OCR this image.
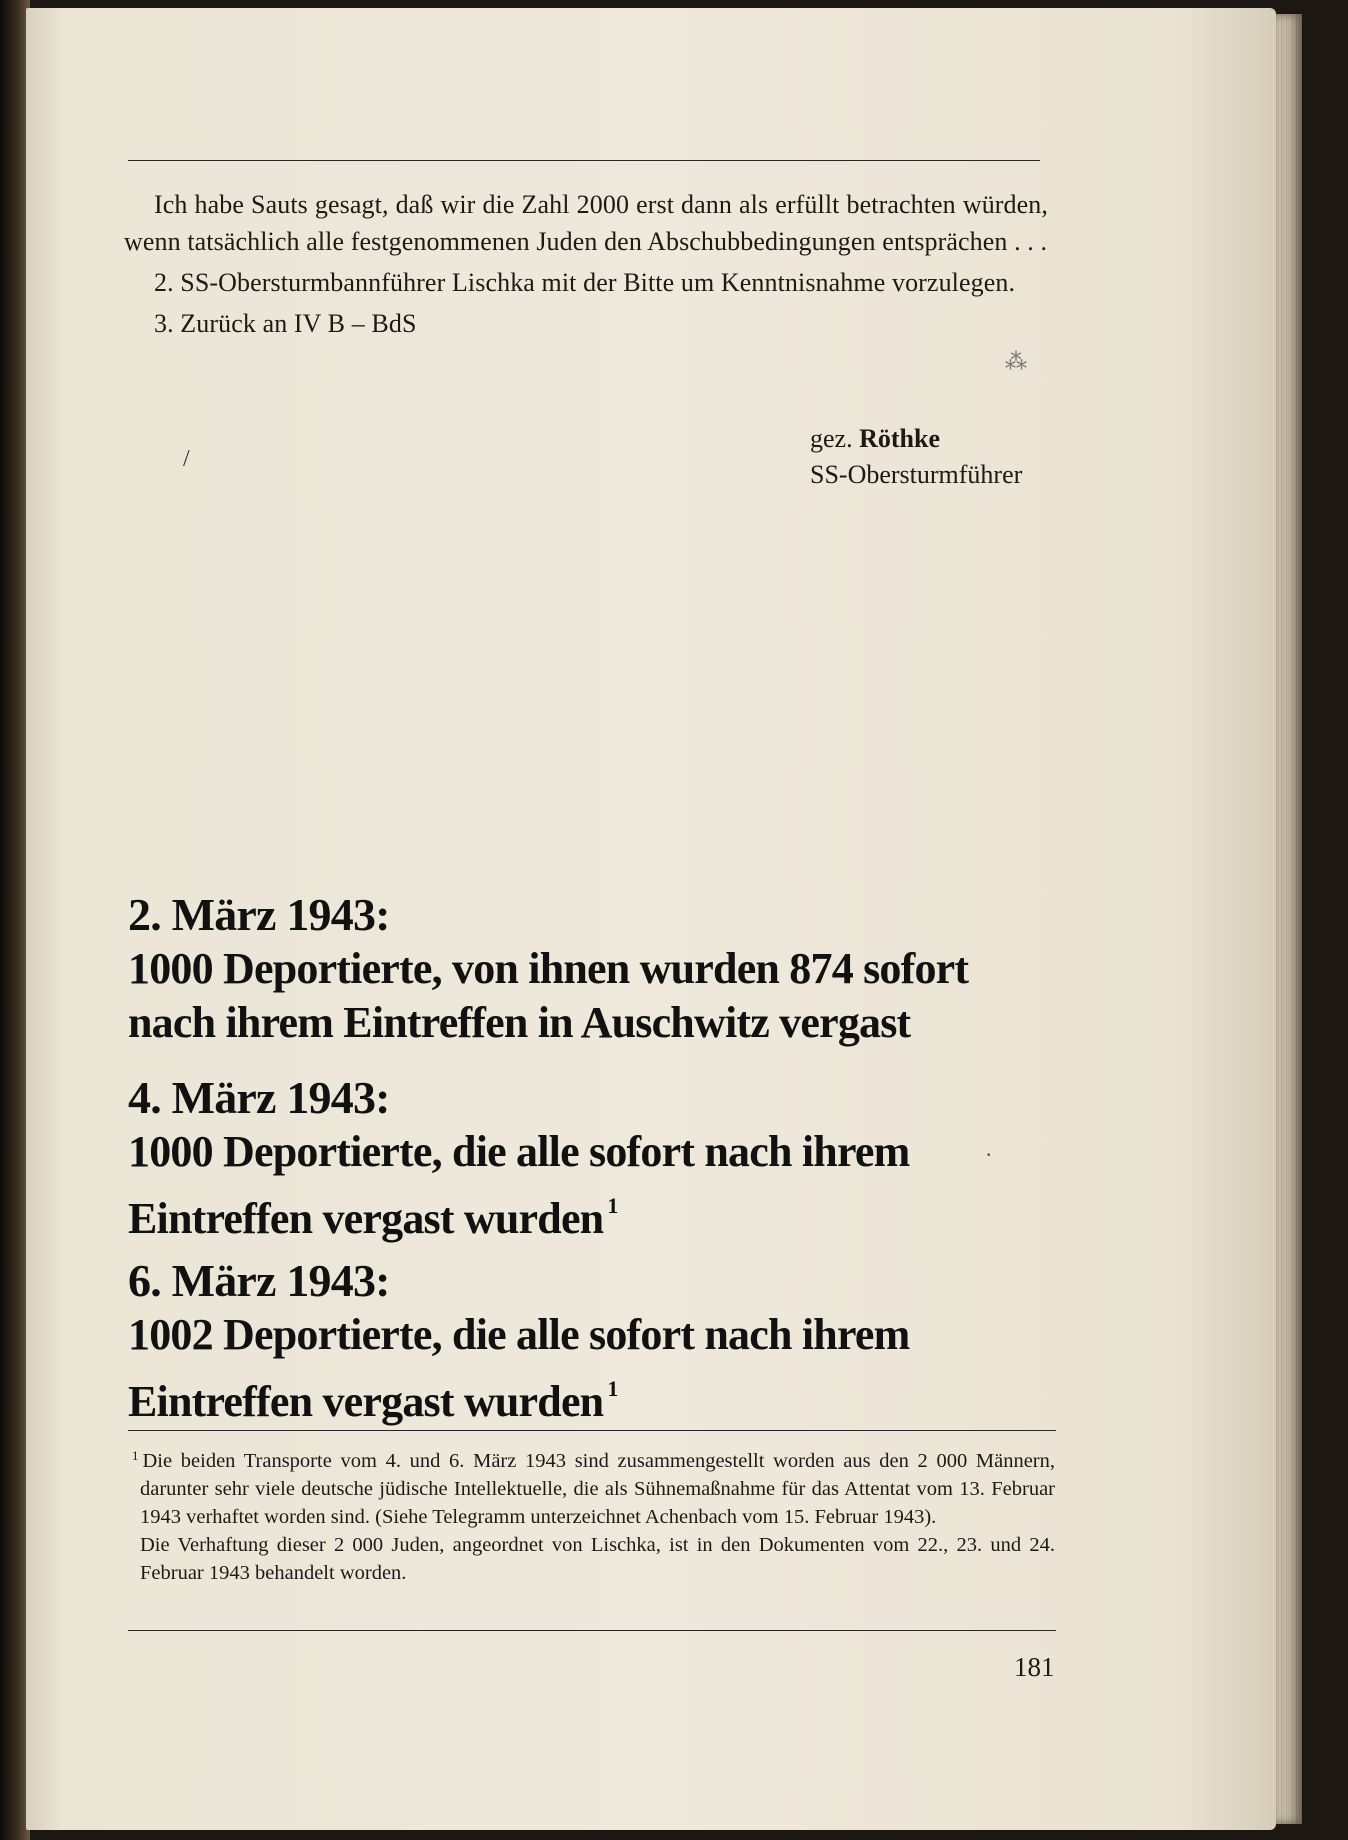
Ich habe Sauts gesagt, daß wir die Zahl 2000 erst dann als erfüllt betrachten würden, wenn tatsächlich alle festgenommenen Juden den Abschubbedingungen entsprächen . . .

2. SS-Obersturmbannführer Lischka mit der Bitte um Kenntnisnahme vorzulegen.

3. Zurück an IV B – BdS

⁂
/
gez. Röthke
SS-Obersturmführer
2. März 1943:
1000 Deportierte, von ihnen wurden 874 sofort
nach ihrem Eintreffen in Auschwitz vergast
4. März 1943:
1000 Deportierte, die alle sofort nach ihrem
Eintreffen vergast wurden $^1$
·
6. März 1943:
1002 Deportierte, die alle sofort nach ihrem
Eintreffen vergast wurden $^1$

$^1$ Die beiden Transporte vom 4. und 6. März 1943 sind zusammengestellt worden aus den 2 000 Männern, darunter sehr viele deutsche jüdische Intellektuelle, die als Sühnemaßnahme für das Attentat vom 13. Februar 1943 verhaftet worden sind. (Siehe Telegramm unterzeichnet Achenbach vom 15. Februar 1943).

Die Verhaftung dieser 2 000 Juden, angeordnet von Lischka, ist in den Dokumenten vom 22., 23. und 24. Februar 1943 behandelt worden.

181
